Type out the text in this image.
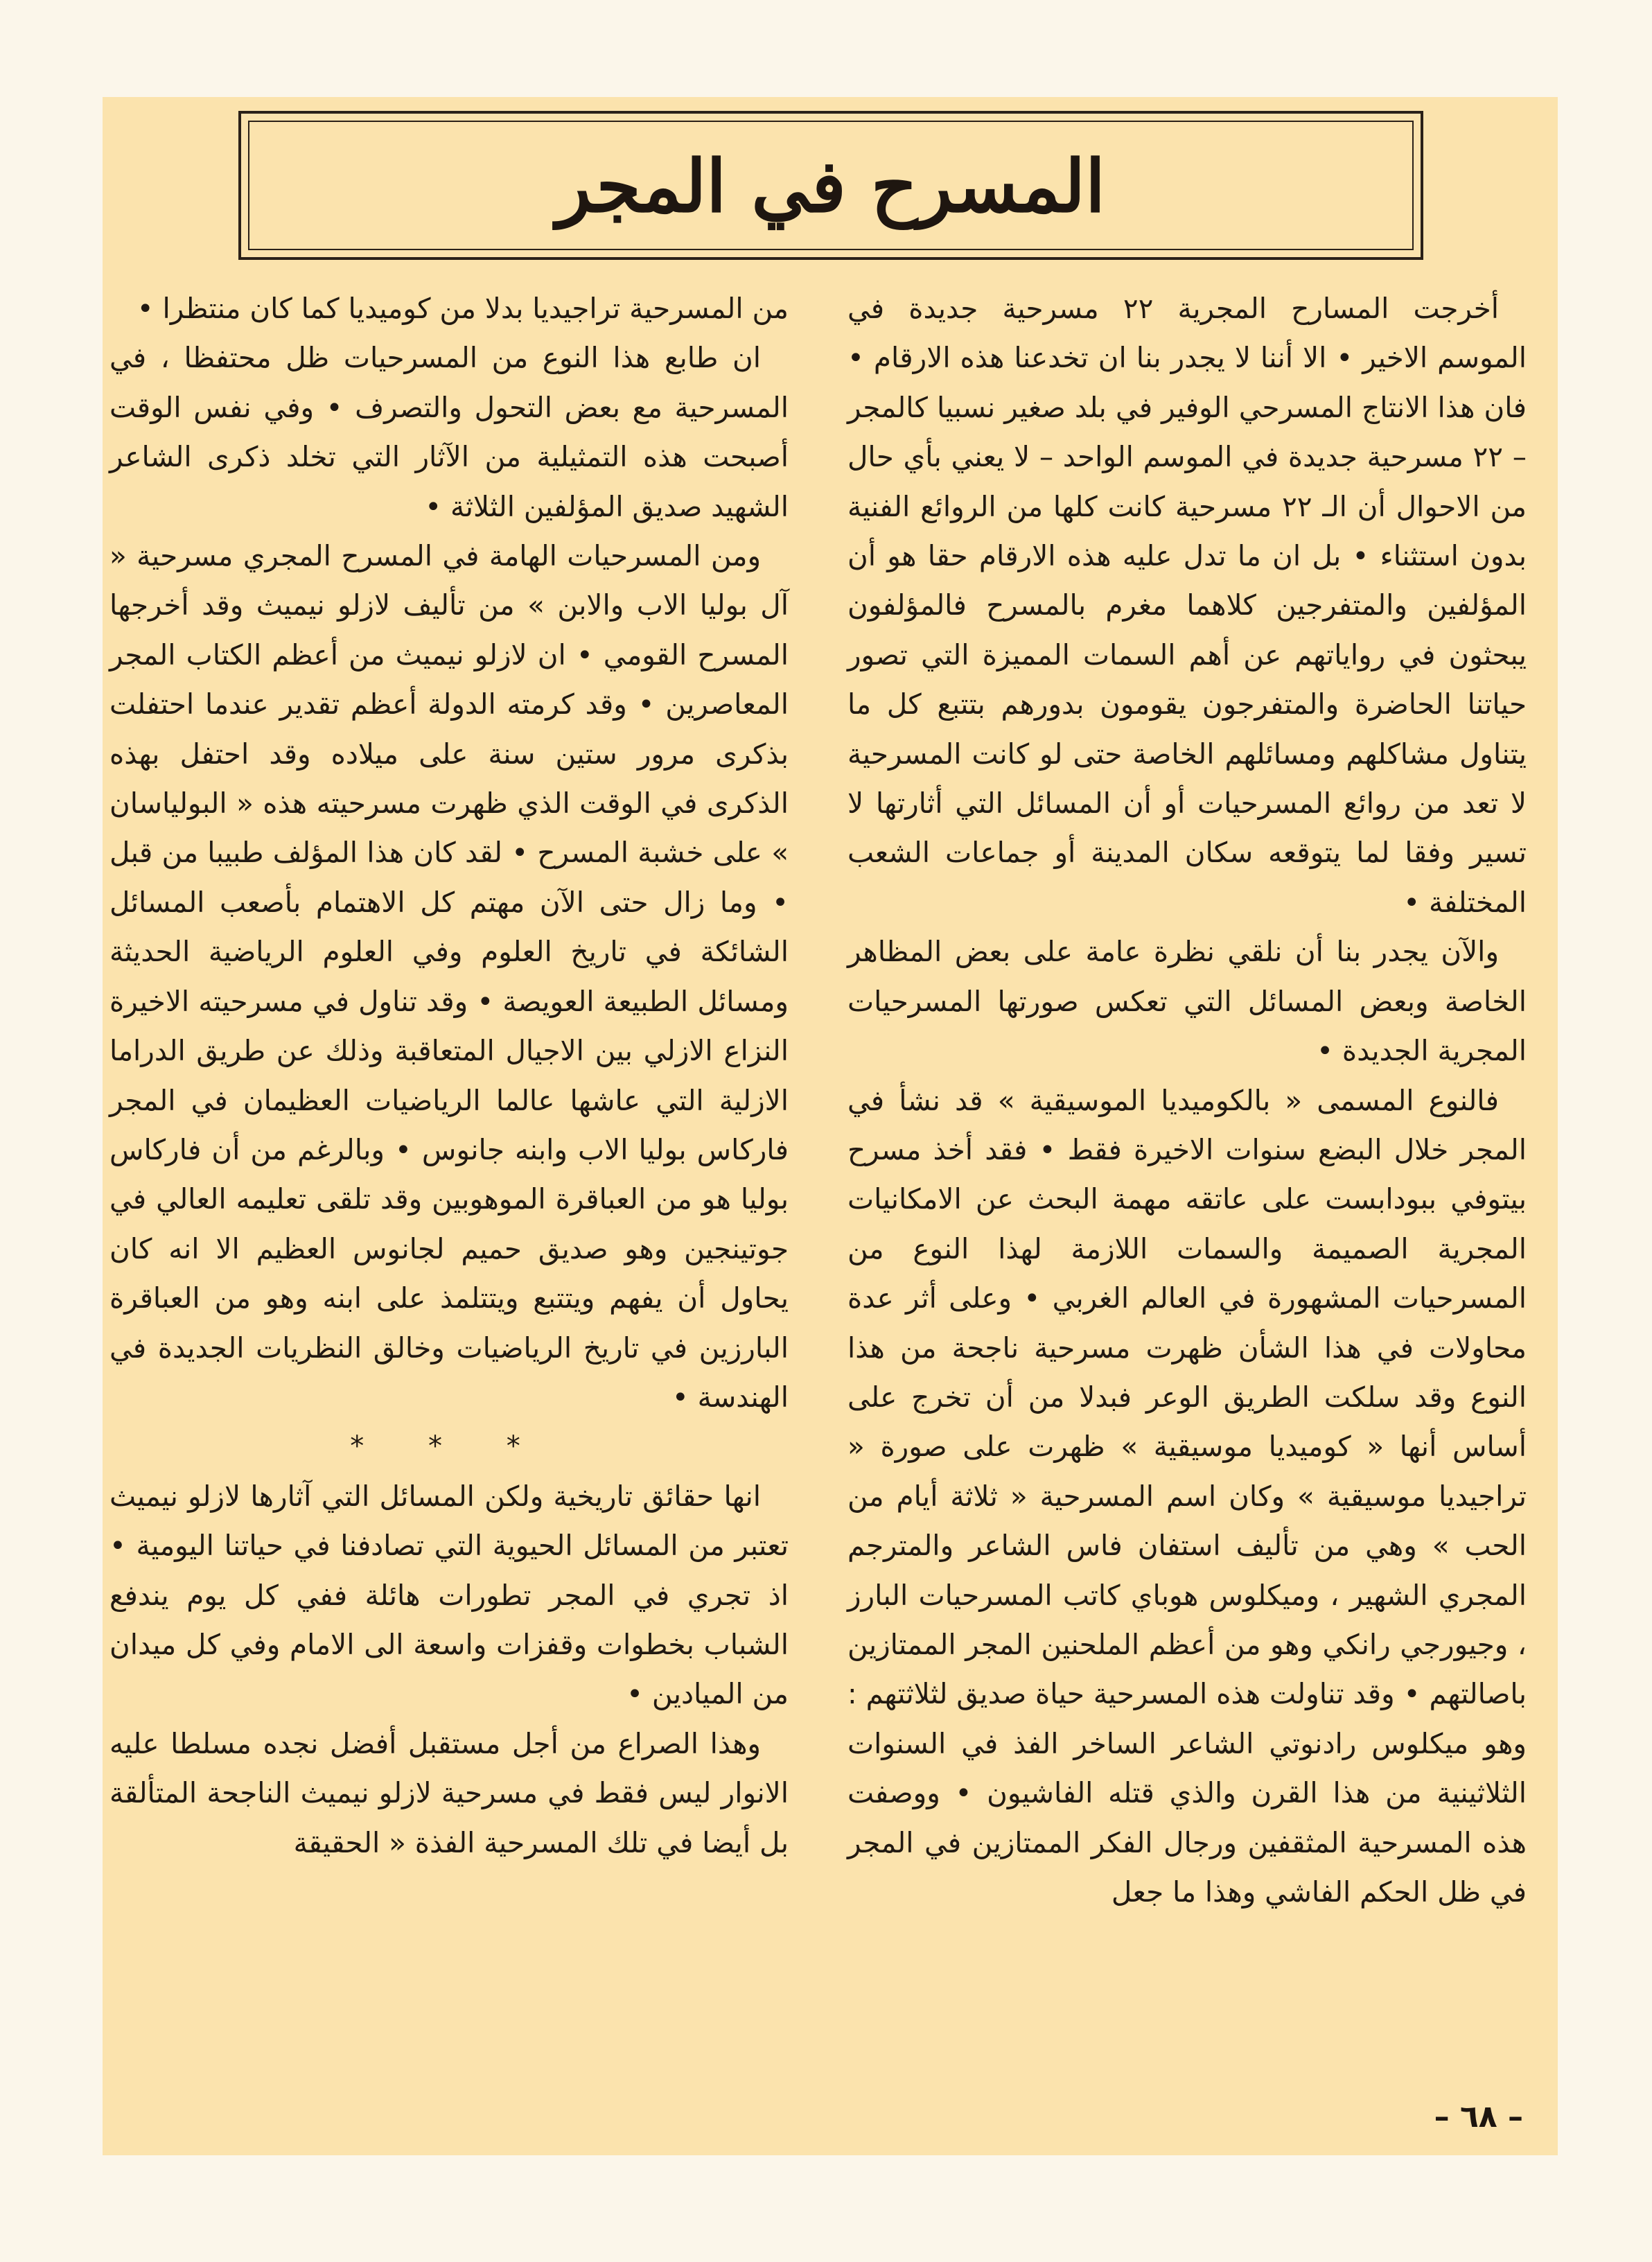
المسرح في المجر

أخرجت المسارح المجرية ٢٢ مسرحية جديدة في الموسم الاخير • الا أننا لا يجدر بنا ان تخدعنا هذه الارقام • فان هذا الانتاج المسرحي الوفير في بلد صغير نسبيا كالمجر – ٢٢ مسرحية جديدة في الموسم الواحد – لا يعني بأي حال من الاحوال أن الـ ٢٢ مسرحية كانت كلها من الروائع الفنية بدون استثناء • بل ان ما تدل عليه هذه الارقام حقا هو أن المؤلفين والمتفرجين كلاهما مغرم بالمسرح فالمؤلفون يبحثون في رواياتهم عن أهم السمات المميزة التي تصور حياتنا الحاضرة والمتفرجون يقومون بدورهم بتتبع كل ما يتناول مشاكلهم ومسائلهم الخاصة حتى لو كانت المسرحية لا تعد من روائع المسرحيات أو أن المسائل التي أثارتها لا تسير وفقا لما يتوقعه سكان المدينة أو جماعات الشعب المختلفة •

والآن يجدر بنا أن نلقي نظرة عامة على بعض المظاهر الخاصة وبعض المسائل التي تعكس صورتها المسرحيات المجرية الجديدة •

فالنوع المسمى « بالكوميديا الموسيقية » قد نشأ في المجر خلال البضع سنوات الاخيرة فقط • فقد أخذ مسرح بيتوفي ببودابست على عاتقه مهمة البحث عن الامكانيات المجرية الصميمة والسمات اللازمة لهذا النوع من المسرحيات المشهورة في العالم الغربي • وعلى أثر عدة محاولات في هذا الشأن ظهرت مسرحية ناجحة من هذا النوع وقد سلكت الطريق الوعر فبدلا من أن تخرج على أساس أنها « كوميديا موسيقية » ظهرت على صورة « تراجيديا موسيقية » وكان اسم المسرحية « ثلاثة أيام من الحب » وهي من تأليف استفان فاس الشاعر والمترجم المجري الشهير ، وميكلوس هوباي كاتب المسرحيات البارز ، وجيورجي رانكي وهو من أعظم الملحنين المجر الممتازين باصالتهم • وقد تناولت هذه المسرحية حياة صديق لثلاثتهم : وهو ميكلوس رادنوتي الشاعر الساخر الفذ في السنوات الثلاثينية من هذا القرن والذي قتله الفاشيون • ووصفت هذه المسرحية المثقفين ورجال الفكر الممتازين في المجر في ظل الحكم الفاشي وهذا ما جعل

من المسرحية تراجيديا بدلا من كوميديا كما كان منتظرا •

ان طابع هذا النوع من المسرحيات ظل محتفظا ، في المسرحية مع بعض التحول والتصرف • وفي نفس الوقت أصبحت هذه التمثيلية من الآثار التي تخلد ذكرى الشاعر الشهيد صديق المؤلفين الثلاثة •

ومن المسرحيات الهامة في المسرح المجري مسرحية « آل بوليا الاب والابن » من تأليف لازلو نيميث وقد أخرجها المسرح القومي • ان لازلو نيميث من أعظم الكتاب المجر المعاصرين • وقد كرمته الدولة أعظم تقدير عندما احتفلت بذكرى مرور ستين سنة على ميلاده وقد احتفل بهذه الذكرى في الوقت الذي ظهرت مسرحيته هذه « البولياسان » على خشبة المسرح • لقد كان هذا المؤلف طبيبا من قبل • وما زال حتى الآن مهتم كل الاهتمام بأصعب المسائل الشائكة في تاريخ العلوم وفي العلوم الرياضية الحديثة ومسائل الطبيعة العويصة • وقد تناول في مسرحيته الاخيرة النزاع الازلي بين الاجيال المتعاقبة وذلك عن طريق الدراما الازلية التي عاشها عالما الرياضيات العظيمان في المجر فاركاس بوليا الاب وابنه جانوس • وبالرغم من أن فاركاس بوليا هو من العباقرة الموهوبين وقد تلقى تعليمه العالي في جوتينجين وهو صديق حميم لجانوس العظيم الا انه كان يحاول أن يفهم ويتتبع ويتتلمذ على ابنه وهو من العباقرة البارزين في تاريخ الرياضيات وخالق النظريات الجديدة في الهندسة •

* * *

انها حقائق تاريخية ولكن المسائل التي آثارها لازلو نيميث تعتبر من المسائل الحيوية التي تصادفنا في حياتنا اليومية • اذ تجري في المجر تطورات هائلة ففي كل يوم يندفع الشباب بخطوات وقفزات واسعة الى الامام وفي كل ميدان من الميادين •

وهذا الصراع من أجل مستقبل أفضل نجده مسلطا عليه الانوار ليس فقط في مسرحية لازلو نيميث الناجحة المتألقة بل أيضا في تلك المسرحية الفذة « الحقيقة

– ٦٨ –
